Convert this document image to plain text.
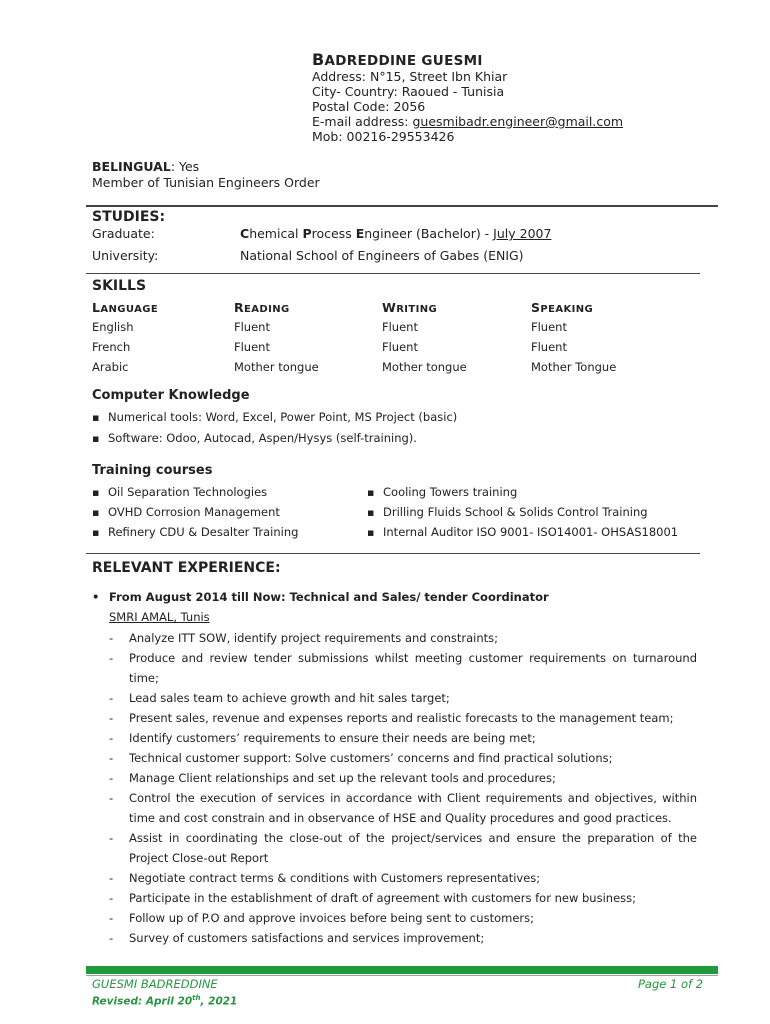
BADREDDINE GUESMI
Address: N°15, Street Ibn Khiar
City- Country: Raoued - Tunisia
Postal Code: 2056
E-mail address: guesmibadr.engineer@gmail.com
Mob: 00216-29553426
BELINGUAL: Yes
Member of Tunisian Engineers Order
STUDIES:
Graduate:	Chemical Process Engineer (Bachelor) - July 2007
University:	National School of Engineers of Gabes (ENIG)
SKILLS
LANGUAGE	READING	WRITING	SPEAKING
English	Fluent	Fluent	Fluent
French	Fluent	Fluent	Fluent
Arabic	Mother tongue	Mother tongue	Mother Tongue
Computer Knowledge
▪ Numerical tools: Word, Excel, Power Point, MS Project (basic)
▪ Software: Odoo, Autocad, Aspen/Hysys (self-training).
Training courses
▪ Oil Separation Technologies
▪ OVHD Corrosion Management
▪ Refinery CDU & Desalter Training
▪ Cooling Towers training
▪ Drilling Fluids School & Solids Control Training
▪ Internal Auditor ISO 9001- ISO14001- OHSAS18001
RELEVANT EXPERIENCE:
• From August 2014 till Now: Technical and Sales/ tender Coordinator
SMRI AMAL, Tunis
- Analyze ITT SOW, identify project requirements and constraints;
- Produce and review tender submissions whilst meeting customer requirements on turnaround time;
- Lead sales team to achieve growth and hit sales target;
- Present sales, revenue and expenses reports and realistic forecasts to the management team;
- Identify customers’ requirements to ensure their needs are being met;
- Technical customer support: Solve customers’ concerns and find practical solutions;
- Manage Client relationships and set up the relevant tools and procedures;
- Control the execution of services in accordance with Client requirements and objectives, within time and cost constrain and in observance of HSE and Quality procedures and good practices.
- Assist in coordinating the close-out of the project/services and ensure the preparation of the Project Close-out Report
- Negotiate contract terms & conditions with Customers representatives;
- Participate in the establishment of draft of agreement with customers for new business;
- Follow up of P.O and approve invoices before being sent to customers;
- Survey of customers satisfactions and services improvement;
GUESMI BADREDDINE
Revised: April 20th, 2021
Page 1 of 2
